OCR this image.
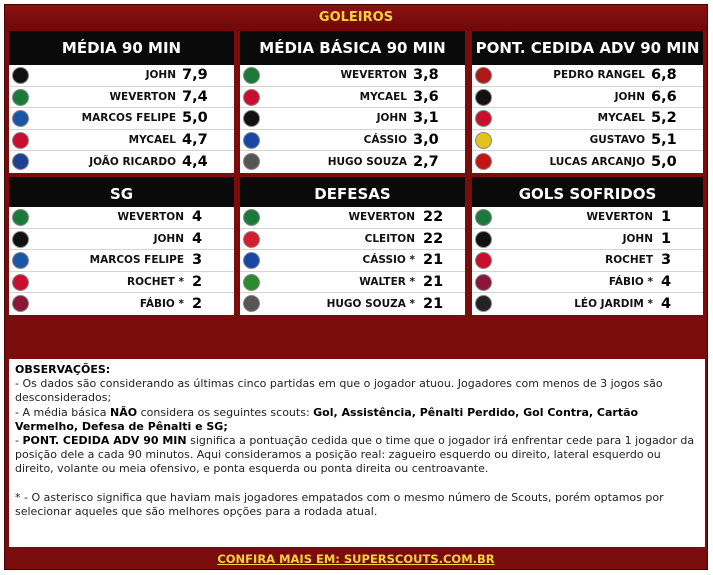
GOLEIROS
MÉDIA 90 MIN
JOHN 7,9
WEVERTON 7,4
MARCOS FELIPE 5,0
MYCAEL 4,7
JOÃO RICARDO 4,4
MÉDIA BÁSICA 90 MIN
WEVERTON 3,8
MYCAEL 3,6
JOHN 3,1
CÁSSIO 3,0
HUGO SOUZA 2,7
PONT. CEDIDA ADV 90 MIN
PEDRO RANGEL 6,8
JOHN 6,6
MYCAEL 5,2
GUSTAVO 5,1
LUCAS ARCANJO 5,0
SG
WEVERTON 4
JOHN 4
MARCOS FELIPE 3
ROCHET * 2
FÁBIO * 2
DEFESAS
WEVERTON 22
CLEITON 22
CÁSSIO * 21
WALTER * 21
HUGO SOUZA * 21
GOLS SOFRIDOS
WEVERTON 1
JOHN 1
ROCHET 3
FÁBIO * 4
LÉO JARDIM * 4

OBSERVAÇÕES:

- Os dados são considerando as últimas cinco partidas em que o jogador atuou. Jogadores com menos de 3 jogos são desconsiderados;

- A média básica NÃO considera os seguintes scouts: Gol, Assistência, Pênalti Perdido, Gol Contra, Cartão Vermelho, Defesa de Pênalti e SG;

- PONT. CEDIDA ADV 90 MIN significa a pontuação cedida que o time que o jogador irá enfrentar cede para 1 jogador da posição dele a cada 90 minutos. Aqui consideramos a posição real: zagueiro esquerdo ou direito, lateral esquerdo ou direito, volante ou meia ofensivo, e ponta esquerda ou ponta direita ou centroavante.

* - O asterisco significa que haviam mais jogadores empatados com o mesmo número de Scouts, porém optamos por selecionar aqueles que são melhores opções para a rodada atual.

CONFIRA MAIS EM: SUPERSCOUTS.COM.BR
